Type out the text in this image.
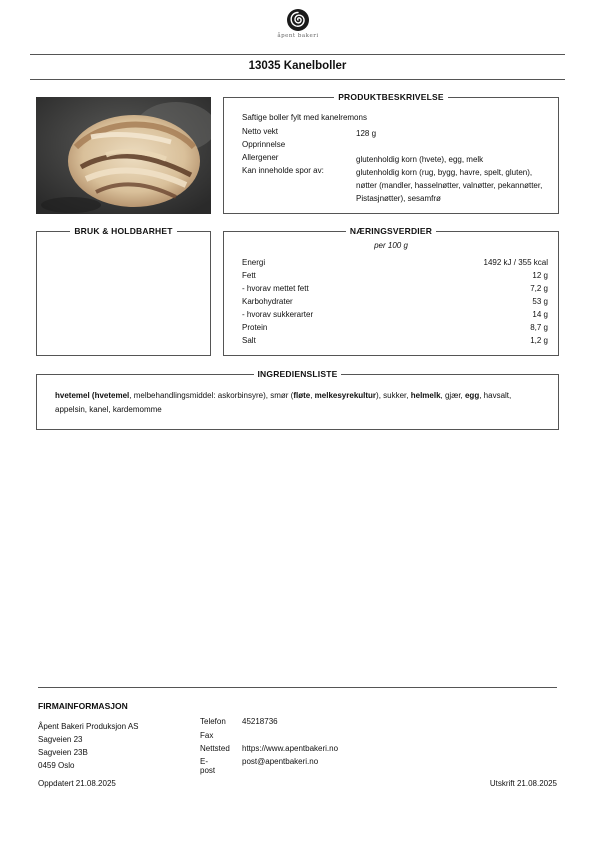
åpent bakeri
13035 Kanelboller
PRODUKTBESKRIVELSE
Saftige boller fylt med kanelremons
Netto vekt	128 g
Opprinnelse
Allergener	glutenholdig korn (hvete), egg, melk
Kan inneholde spor av:	glutenholdig korn (rug, bygg, havre, spelt, gluten), nøtter (mandler, hasselnøtter, valnøtter, pekannøtter, Pistasjnøtter), sesamfrø
BRUK & HOLDBARHET	NÆRINGSVERDIER
per 100 g
Energi	1492 kJ / 355 kcal
Fett	12 g
- hvorav mettet fett	7,2 g
Karbohydrater	53 g
- hvorav sukkerarter	14 g
Protein	8,7 g
Salt	1,2 g
INGREDIENSLISTE
hvetemel (hvetemel, melbehandlingsmiddel: askorbinsyre), smør (fløte, melkesyrekultur), sukker, helmelk, gjær, egg, havsalt, appelsin, kanel, kardemomme
FIRMAINFORMASJON
Åpent Bakeri Produksjon AS
Sagveien 23
Sagveien 23B
0459 Oslo
Telefon 45218736
Fax
Nettsted https://www.apentbakeri.no
E-post
post@apentbakeri.no
Oppdatert 21.08.2025	Utskrift 21.08.2025
